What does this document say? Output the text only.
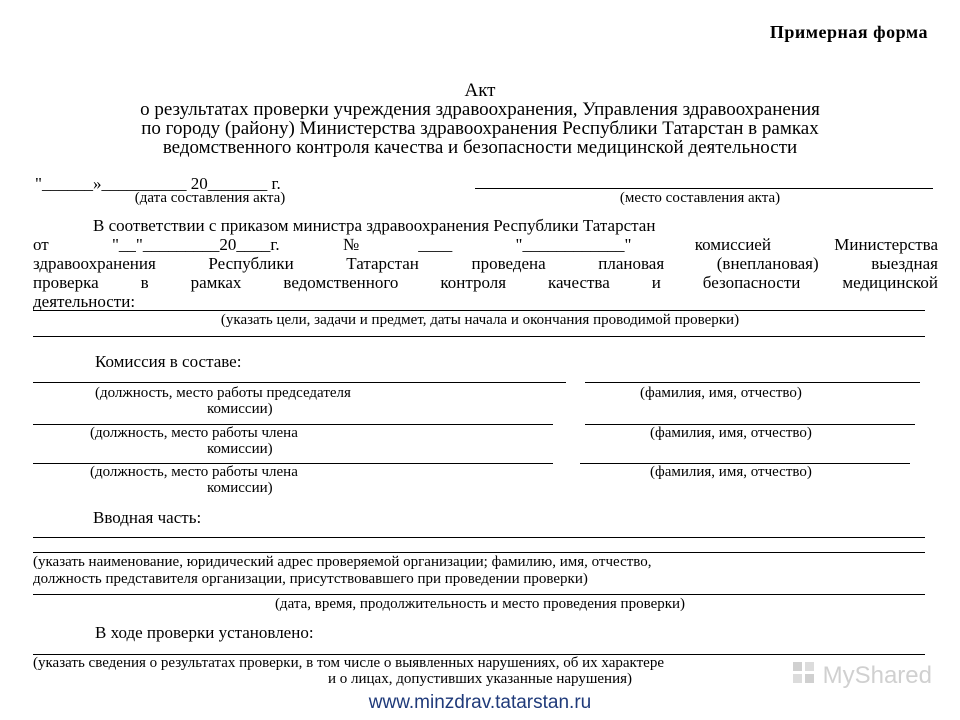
Примерная форма
Акт
о результатах проверки учреждения здравоохранения, Управления здравоохранения
по городу (району) Министерства здравоохранения Республики Татарстан в рамках
ведомственного контроля качества и безопасности медицинской деятельности
"______»__________ 20_______ г.
(дата составления акта)	(место составления акта)
В соответствии с приказом министра здравоохранения Республики Татарстан
от "__"_________20____г. №____ "____________" комиссией Министерства
здравоохранения Республики Татарстан проведена плановая (внеплановая) выездная
проверка в рамках ведомственного контроля качества и безопасности медицинской
деятельности:
(указать цели, задачи и предмет, даты начала и окончания проводимой проверки)
Комиссия в составе:
(должность, место работы председателя
комиссии)
(фамилия, имя, отчество)
(должность, место работы члена
комиссии)
(фамилия, имя, отчество)
(должность, место работы члена
комиссии)
(фамилия, имя, отчество)
Вводная часть:
(указать наименование, юридический адрес проверяемой организации; фамилию, имя, отчество,
должность представителя организации, присутствовавшего при проведении проверки)
(дата, время, продолжительность и место проведения проверки)
В ходе проверки установлено:
(указать сведения о результатах проверки, в том числе о выявленных нарушениях, об их характере
и о лицах, допустивших указанные нарушения)	MyShared
www.minzdrav.tatarstan.ru
